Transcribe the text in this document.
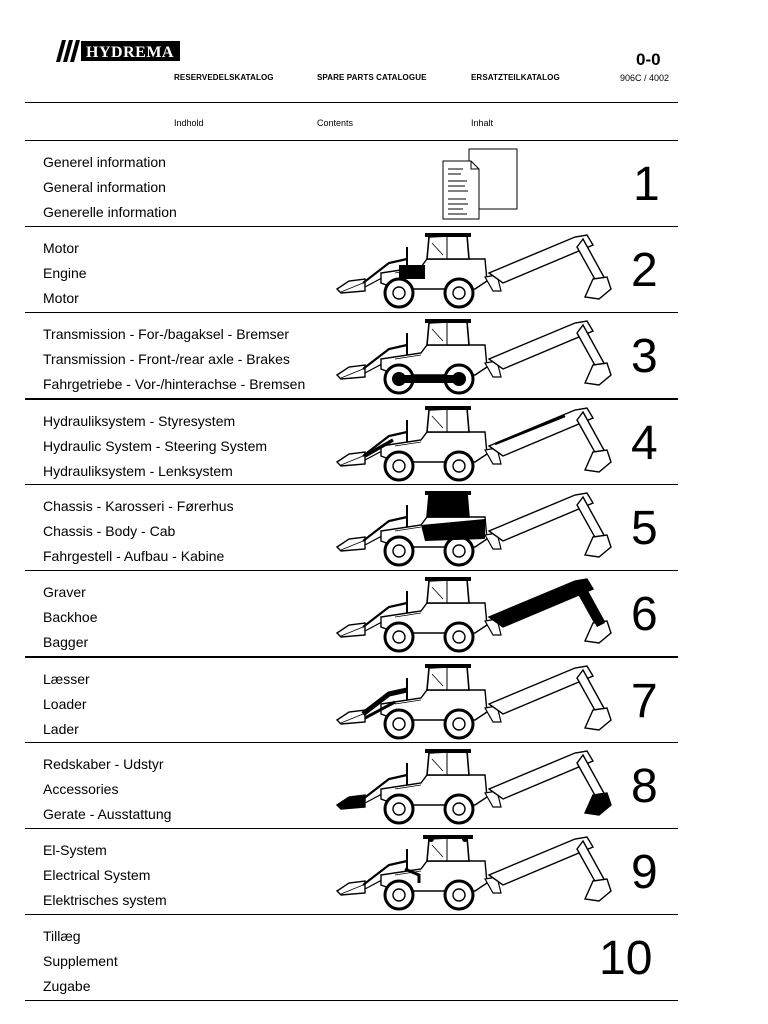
HYDREMA
RESERVEDELSKATALOG	SPARE PARTS CATALOGUE	ERSATZTEILKATALOG
0-0
906C / 4002
Indhold	Contents	Inhalt
Generel information
General information
Generelle information
1
Motor
Engine
Motor
2
Transmission - For-/bagaksel - Bremser
Transmission - Front-/rear axle - Brakes
Fahrgetriebe - Vor-/hinterachse - Bremsen
3
Hydrauliksystem - Styresystem
Hydraulic System - Steering System
Hydrauliksystem - Lenksystem
4
Chassis - Karosseri - Førerhus
Chassis - Body - Cab
Fahrgestell - Aufbau - Kabine
5
Graver
Backhoe
Bagger
6
Læsser
Loader
Lader
7
Redskaber - Udstyr
Accessories
Gerate - Ausstattung
8
El-System
Electrical System
Elektrisches system
9
Tillæg
Supplement
Zugabe
10
